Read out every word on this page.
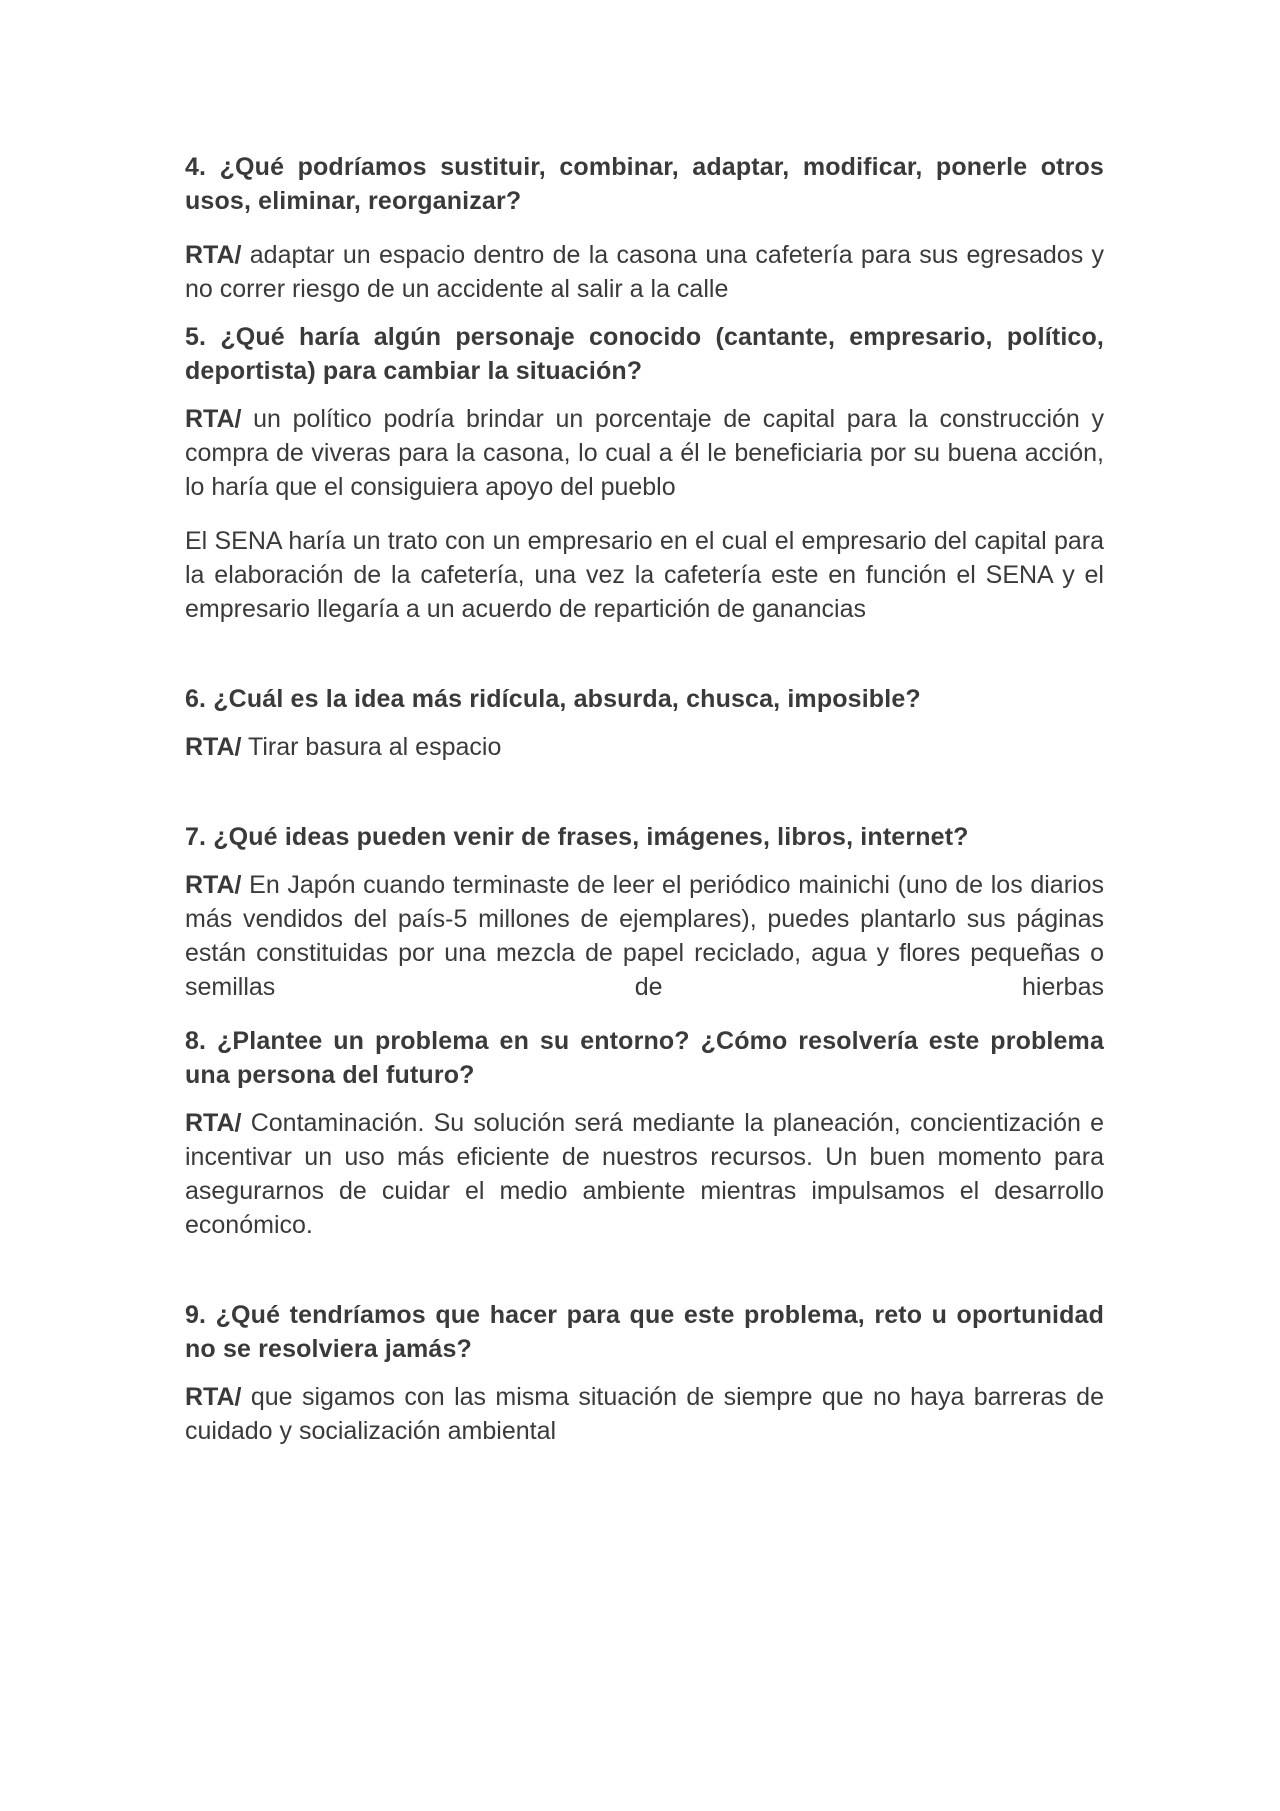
4. ¿Qué podríamos sustituir, combinar, adaptar, modificar, ponerle otros usos, eliminar, reorganizar?

RTA/ adaptar un espacio dentro de la casona una cafetería para sus egresados y no correr riesgo de un accidente al salir a la calle

5. ¿Qué haría algún personaje conocido (cantante, empresario, político, deportista) para cambiar la situación?

RTA/ un político podría brindar un porcentaje de capital para la construcción y compra de viveras para la casona, lo cual a él le beneficiaria por su buena acción, lo haría que el consiguiera apoyo del pueblo

El SENA haría un trato con un empresario en el cual el empresario del capital para la elaboración de la cafetería, una vez la cafetería este en función el SENA y el empresario llegaría a un acuerdo de repartición de ganancias

6. ¿Cuál es la idea más ridícula, absurda, chusca, imposible?

RTA/ Tirar basura al espacio

7. ¿Qué ideas pueden venir de frases, imágenes, libros, internet?

RTA/ En Japón cuando terminaste de leer el periódico mainichi (uno de los diarios más vendidos del país-5 millones de ejemplares), puedes plantarlo sus páginas están constituidas por una mezcla de papel reciclado, agua y flores pequeñas o semillas de hierbas

8. ¿Plantee un problema en su entorno? ¿Cómo resolvería este problema una persona del futuro?

RTA/ Contaminación. Su solución será mediante la planeación, concientización e incentivar un uso más eficiente de nuestros recursos. Un buen momento para asegurarnos de cuidar el medio ambiente mientras impulsamos el desarrollo económico.

9. ¿Qué tendríamos que hacer para que este problema, reto u oportunidad no se resolviera jamás?

RTA/ que sigamos con las misma situación de siempre que no haya barreras de cuidado y socialización ambiental
